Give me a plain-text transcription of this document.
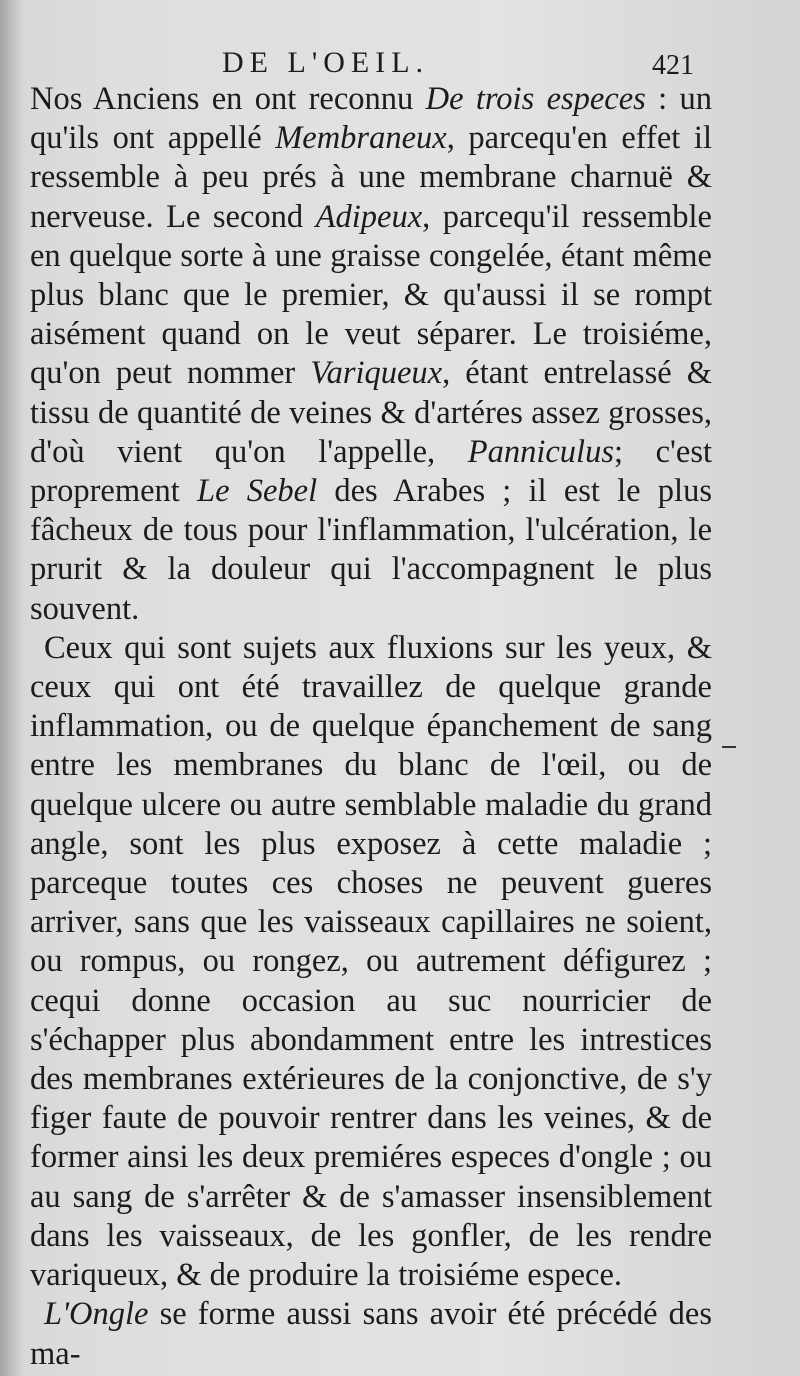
DE L'OEIL.	421

Nos Anciens en ont reconnu De trois especes : un qu'ils ont appellé Membraneux, parcequ'en effet il ressemble à peu prés à une membrane charnuë & nerveuse. Le second Adipeux, parcequ'il ressemble en quelque sorte à une graisse congelée, étant même plus blanc que le premier, & qu'aussi il se rompt aisément quand on le veut séparer. Le troisiéme, qu'on peut nommer Variqueux, étant entrelassé & tissu de quantité de veines & d'artéres assez grosses, d'où vient qu'on l'appelle, Panniculus; c'est proprement Le Sebel des Arabes ; il est le plus fâcheux de tous pour l'inflammation, l'ulcération, le prurit & la douleur qui l'accompagnent le plus souvent.

Ceux qui sont sujets aux fluxions sur les yeux, & ceux qui ont été travaillez de quelque grande inflammation, ou de quelque épanchement de sang entre les membranes du blanc de l'œil, ou de quelque ulcere ou autre semblable maladie du grand angle, sont les plus exposez à cette maladie ; parceque toutes ces choses ne peuvent gueres arriver, sans que les vaisseaux capillaires ne soient, ou rompus, ou rongez, ou autrement défigurez ; cequi donne occasion au suc nourricier de s'échapper plus abondamment entre les intrestices des membranes extérieures de la conjonctive, de s'y figer faute de pouvoir rentrer dans les veines, & de former ainsi les deux premiéres especes d'ongle ; ou au sang de s'arrêter & de s'amasser insensiblement dans les vaisseaux, de les gonfler, de les rendre variqueux, & de produire la troisiéme espece.

L'Ongle se forme aussi sans avoir été précédé des ma-
